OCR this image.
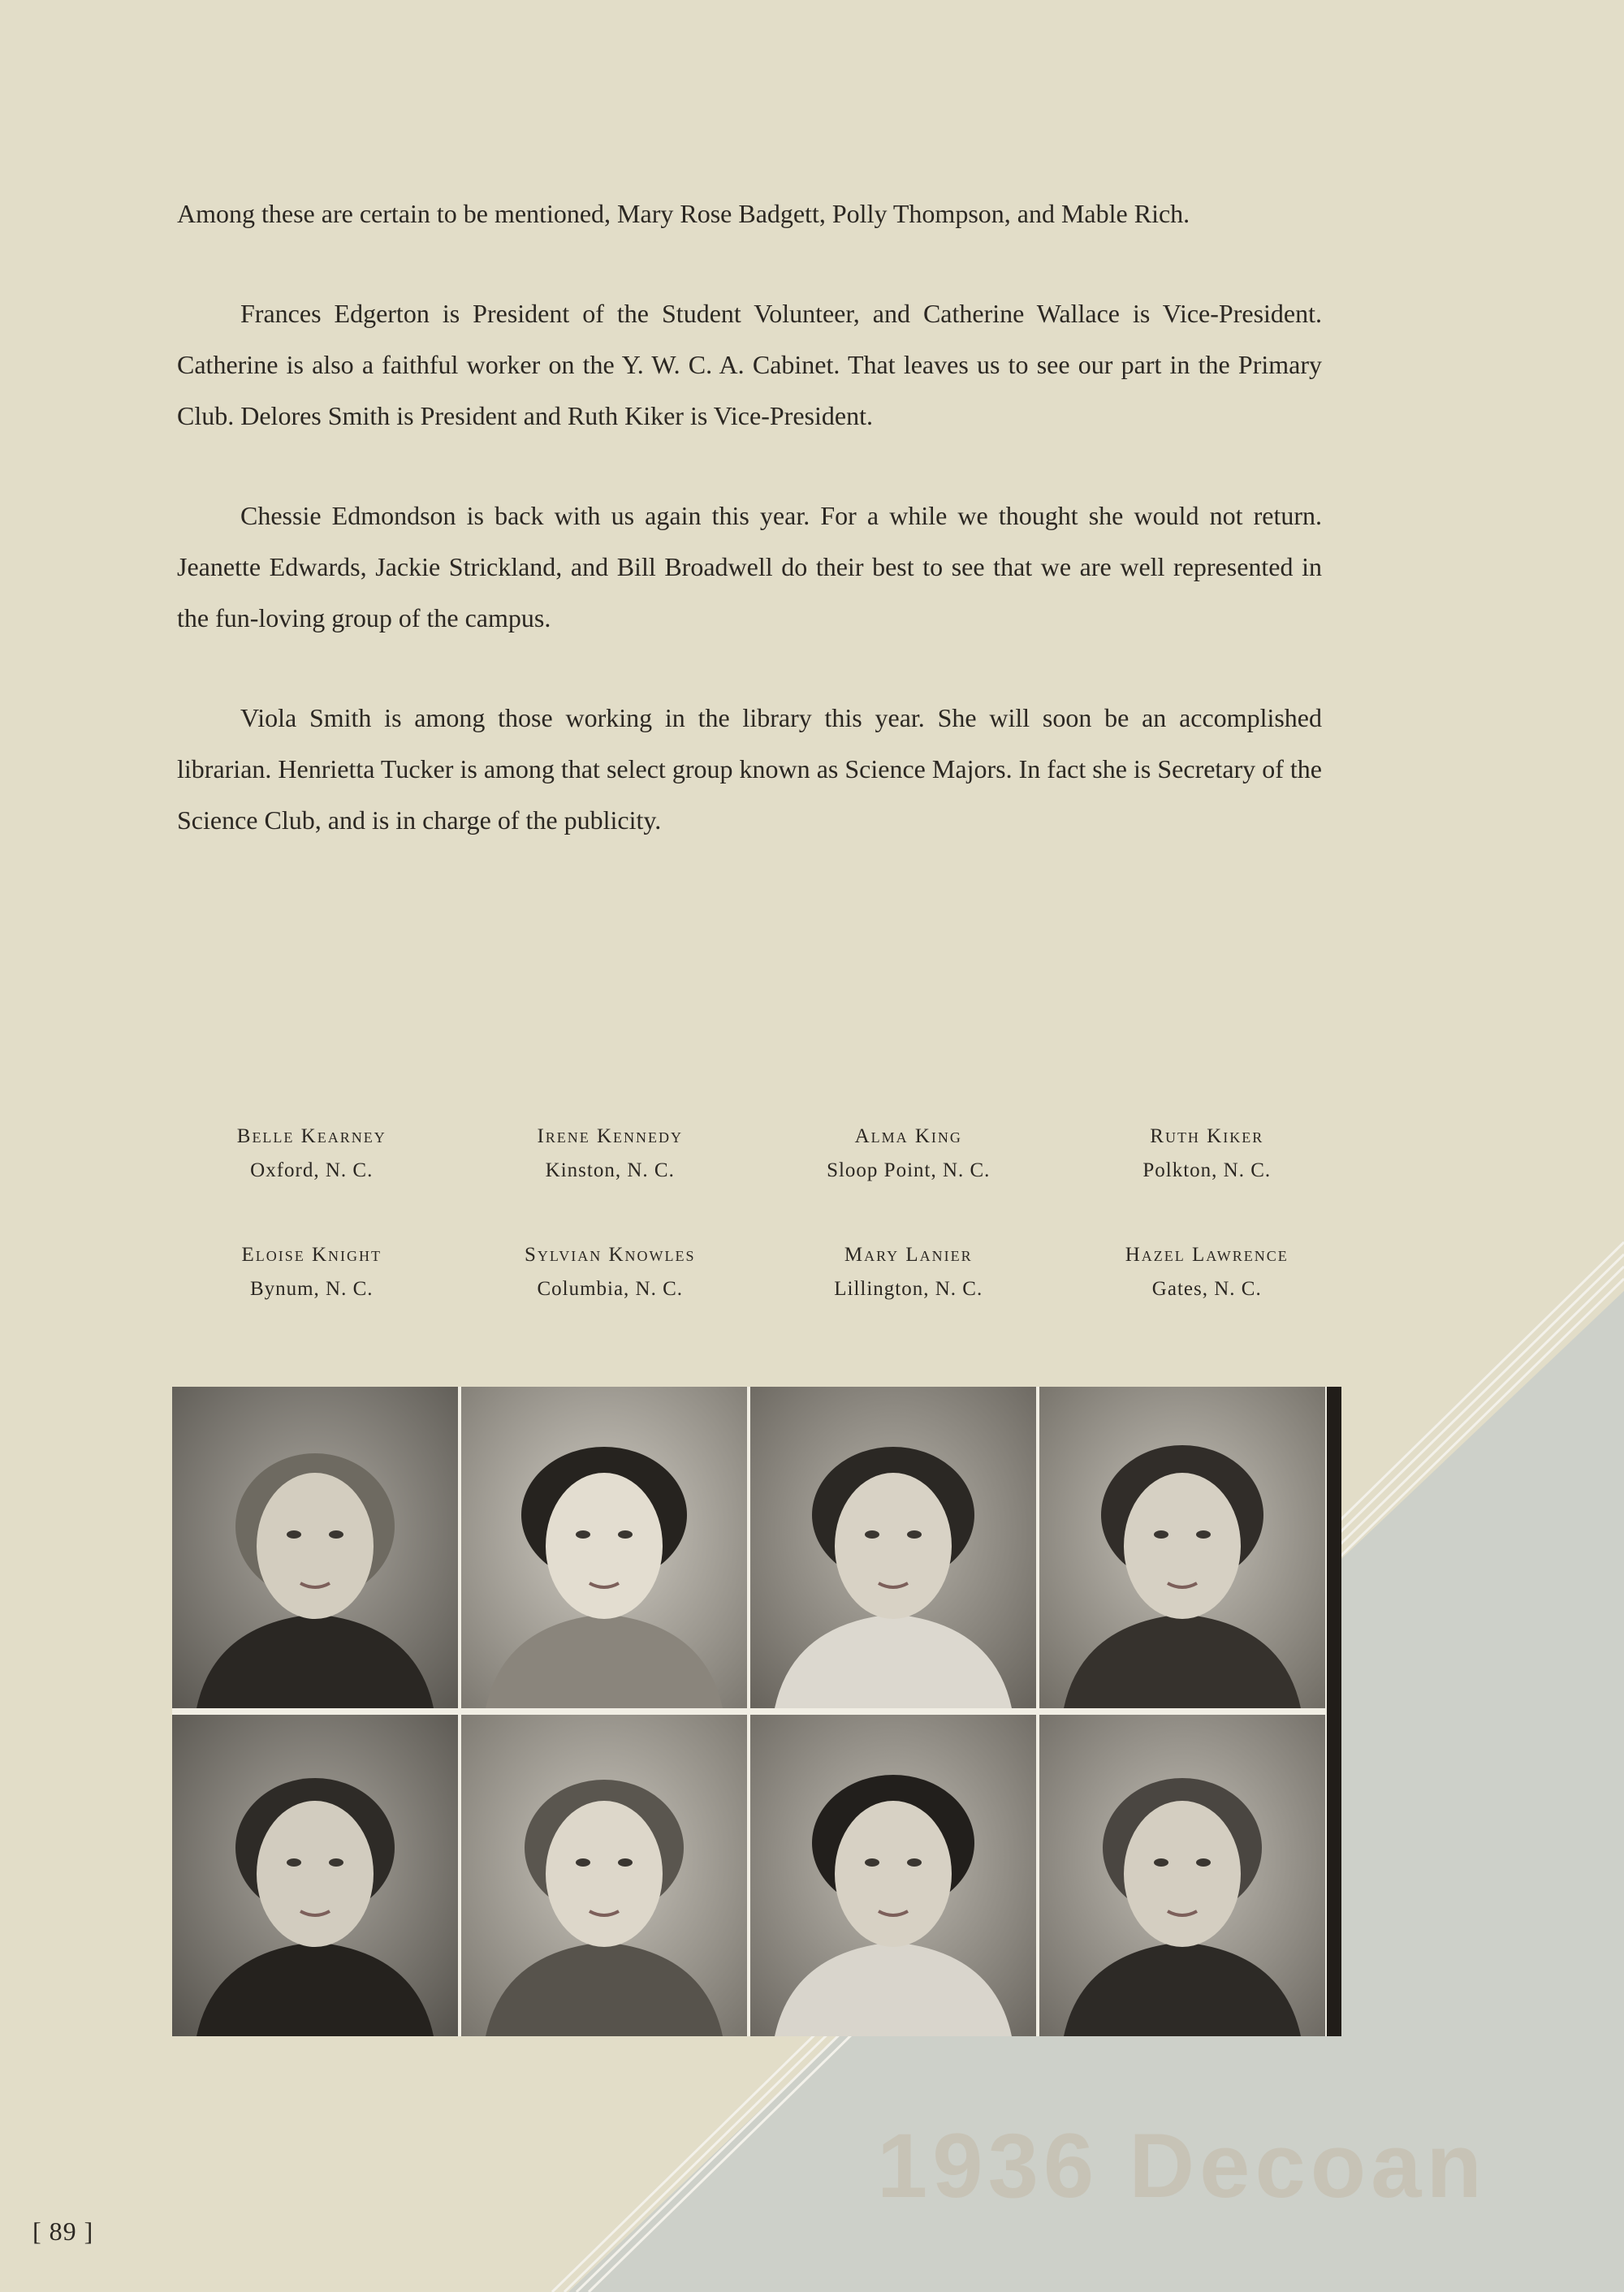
Among these are certain to be mentioned, Mary Rose Badgett, Polly Thompson, and Mable Rich.

Frances Edgerton is President of the Student Volunteer, and Catherine Wallace is Vice-President. Catherine is also a faithful worker on the Y. W. C. A. Cabinet. That leaves us to see our part in the Primary Club. Delores Smith is President and Ruth Kiker is Vice-President.

Chessie Edmondson is back with us again this year. For a while we thought she would not return. Jeanette Edwards, Jackie Strickland, and Bill Broadwell do their best to see that we are well represented in the fun-loving group of the campus.

Viola Smith is among those working in the library this year. She will soon be an accomplished librarian. Henrietta Tucker is among that select group known as Science Majors. In fact she is Secretary of the Science Club, and is in charge of the publicity.

Belle Kearney
Oxford, N. C.
Irene Kennedy
Kinston, N. C.
Alma King
Sloop Point, N. C.
Ruth Kiker
Polkton, N. C.
Eloise Knight
Bynum, N. C.
Sylvian Knowles
Columbia, N. C.
Mary Lanier
Lillington, N. C.
Hazel Lawrence
Gates, N. C.
[ 89 ]
1936 Decoan
